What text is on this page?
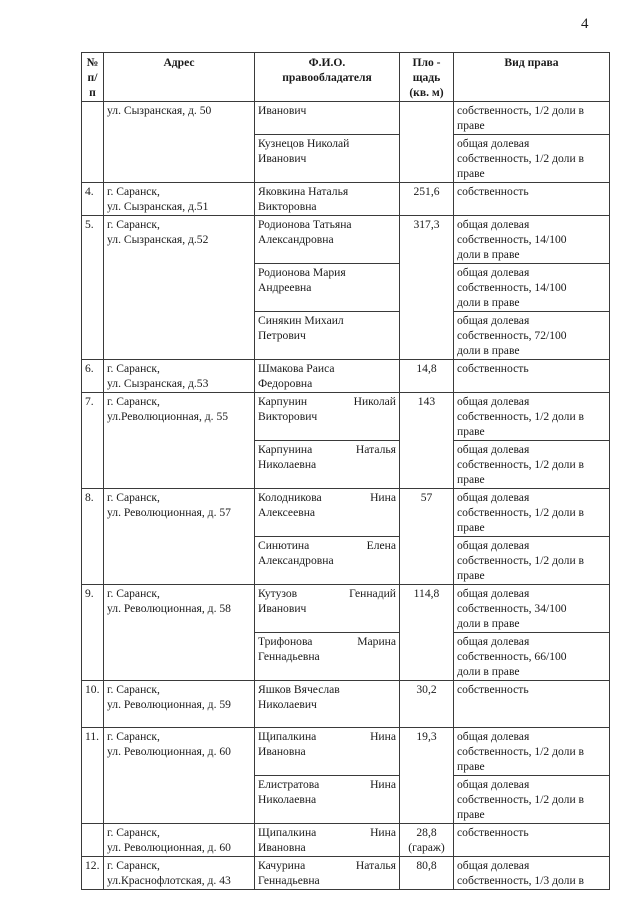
4
№
п/
п	Адрес	Ф.И.О.
правообладателя	Пло -
щадь
(кв. м)	Вид права

	ул. Сызранская, д. 50	Иванович		собственность, 1/2 доли в
праве

		Кузнецов Николай
Иванович		общая долевая
собственность, 1/2 доли в
праве

4.	г. Саранск,
ул. Сызранская, д.51	Яковкина Наталья
Викторовна	251,6	собственность

5.	г. Саранск,
ул. Сызранская, д.52	Родионова Татьяна
Александровна	317,3	общая долевая
собственность, 14/100
доли в праве

		Родионова Мария
Андреевна		общая долевая
собственность, 14/100
доли в праве

		Синякин Михаил
Петрович		общая долевая
собственность, 72/100
доли в праве

6.	г. Саранск,
ул. Сызранская, д.53	Шмакова Раиса
Федоровна	14,8	собственность

7.	г. Саранск,
ул.Революционная, д. 55	Карпунин Николай
Викторович	143	общая долевая
собственность, 1/2 доли в
праве

		Карпунина Наталья
Николаевна		общая долевая
собственность, 1/2 доли в
праве

8.	г. Саранск,
ул. Революционная, д. 57	Колодникова Нина
Алексеевна	57	общая долевая
собственность, 1/2 доли в
праве

		Синютина Елена
Александровна		общая долевая
собственность, 1/2 доли в
праве

9.	г. Саранск,
ул. Революционная, д. 58	Кутузов Геннадий
Иванович	114,8	общая долевая
собственность, 34/100
доли в праве

		Трифонова Марина
Геннадьевна		общая долевая
собственность, 66/100
доли в праве

10.	г. Саранск,
ул. Революционная, д. 59	Яшков Вячеслав
Николаевич	30,2	собственность

11.	г. Саранск,
ул. Революционная, д. 60	Щипалкина Нина
Ивановна	19,3	общая долевая
собственность, 1/2 доли в
праве

		Елистратова Нина
Николаевна		общая долевая
собственность, 1/2 доли в
праве

	г. Саранск,
ул. Революционная, д. 60	Щипалкина Нина
Ивановна	28,8
(гараж)	собственность

12.	г. Саранск,
ул.Краснофлотская, д. 43	Качурина Наталья
Геннадьевна	80,8	общая долевая
собственность, 1/3 доли в
